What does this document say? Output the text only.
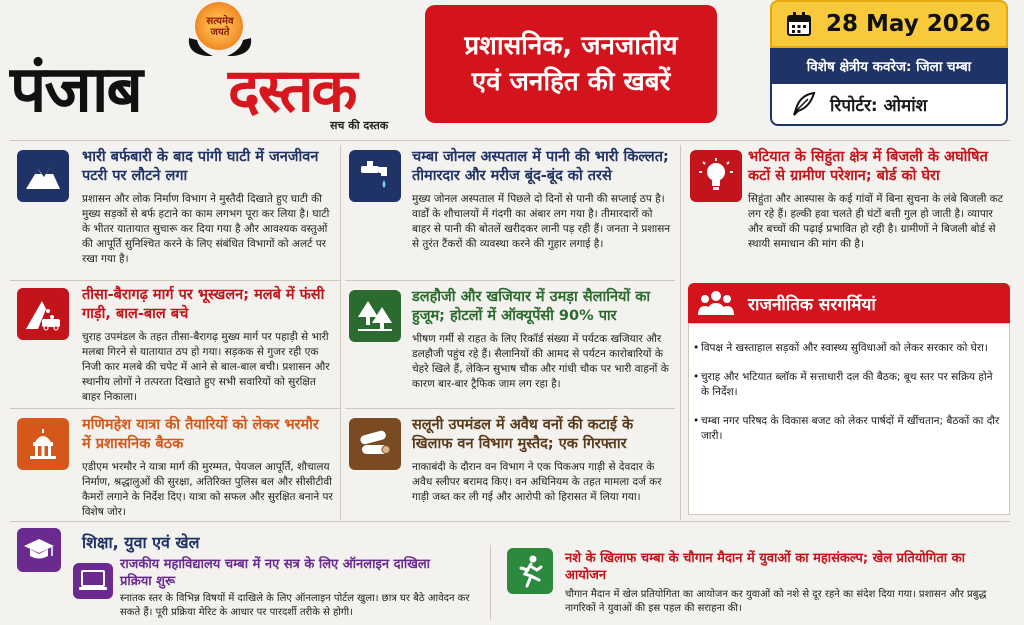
सत्यमेव
जयते
पंजाब दस्तक
सच की दस्तक
प्रशासनिक, जनजातीय
एवं जनहित की खबरें
28 May 2026
विशेष क्षेत्रीय कवरेज: जिला चम्बा
रिपोर्टर: ओमांश
भारी बर्फबारी के बाद पांगी घाटी में जनजीवन पटरी पर लौटने लगा
प्रशासन और लोक निर्माण विभाग ने मुस्तैदी दिखाते हुए घाटी की मुख्य सड़कों से बर्फ हटाने का काम लगभग पूरा कर लिया है। घाटी के भीतर यातायात सुचारू कर दिया गया है और आवश्यक वस्तुओं की आपूर्ति सुनिश्चित करने के लिए संबंधित विभागों को अलर्ट पर रखा गया है।
तीसा-बैरागढ़ मार्ग पर भूस्खलन; मलबे में फंसी गाड़ी, बाल-बाल बचे
चुराह उपमंडल के तहत तीसा-बैरागढ़ मुख्य मार्ग पर पहाड़ी से भारी मलबा गिरने से यातायात ठप हो गया। सड़कक से गुजर रही एक निजी कार मलबे की चपेट में आने से बाल-बाल बची। प्रशासन और स्थानीय लोगों ने तत्परता दिखाते हुए सभी सवारियों को सुरक्षित बाहर निकाला।
मणिमहेश यात्रा की तैयारियों को लेकर भरमौर में प्रशासनिक बैठक
एडीएम भरमौर ने यात्रा मार्ग की मुरम्मत, पेयजल आपूर्ति, शौचालय निर्माण, श्रद्धालुओं की सुरक्षा, अतिरिक्त पुलिस बल और सीसीटीवी कैमरों लगाने के निर्देश दिए। यात्रा को सफल और सुरक्षित बनाने पर विशेष जोर।
चम्बा जोनल अस्पताल में पानी की भारी किल्लत; तीमारदार और मरीज बूंद-बूंद को तरसे
मुख्य जोनल अस्पताल में पिछले दो दिनों से पानी की सप्लाई ठप है। वार्डों के शौचालयों में गंदगी का अंबार लग गया है। तीमारदारों को बाहर से पानी की बोतलें खरीदकर लानी पड़ रही हैं। जनता ने प्रशासन से तुरंत टैंकरों की व्यवस्था करने की गुहार लगाई है।
डलहौजी और खजियार में उमड़ा सैलानियों का हुजूम; होटलों में ऑक्यूपेंसी 90% पार
भीषण गर्मी से राहत के लिए रिकॉर्ड संख्या में पर्यटक खजियार और डलहौजी पहुंच रहे हैं। सैलानियों की आमद से पर्यटन कारोबारियों के चेहरे खिले हैं, लेकिन सुभाष चौक और गांधी चौक पर भारी वाहनों के कारण बार-बार ट्रैफिक जाम लग रहा है।
सलूनी उपमंडल में अवैध वनों की कटाई के खिलाफ वन विभाग मुस्तैद; एक गिरफ्तार
नाकाबंदी के दौरान वन विभाग ने एक पिकअप गाड़ी से देवदार के अवैध स्लीपर बरामद किए। वन अधिनियम के तहत मामला दर्ज कर गाड़ी जब्त कर ली गई और आरोपी को हिरासत में लिया गया।
भटियात के सिहुंता क्षेत्र में बिजली के अघोषित कटों से ग्रामीण परेशान; बोर्ड को घेरा
सिहुंता और आस्पास के कई गांवों में बिना सुचना के लंबे बिजली कट लग रहे हैं। हल्की हवा चलते ही घंटों बत्ती गुल हो जाती है। व्यापार और बच्चों की पढ़ाई प्रभावित हो रही है। ग्रामीणों ने बिजली बोर्ड से स्थायी समाधान की मांग की है।
राजनीतिक सरगर्मियां
• विपक्ष ने खस्ताहाल सड़कों और स्वास्थ्य सुविधाओं को लेकर सरकार को घेरा।
• चुराह और भटियात ब्लॉक में सत्ताधारी दल की बैठक; बूथ स्तर पर सक्रिय होने के निर्देश।
• चम्बा नगर परिषद के विकास बजट को लेकर पार्षदों में खींचतान; बैठकों का दौर जारी।
शिक्षा, युवा एवं खेल
राजकीय महाविद्यालय चम्बा में नए सत्र के लिए ऑनलाइन दाखिला प्रक्रिया शुरू
स्नातक स्तर के विभिन्न विषयों में दाखिले के लिए ऑनलाइन पोर्टल खुला। छात्र घर बैठे आवेदन कर सकते हैं। पूरी प्रक्रिया मेरिट के आधार पर पारदर्शी तरीके से होगी।
नशे के खिलाफ चम्बा के चौगान मैदान में युवाओं का महासंकल्प; खेल प्रतियोगिता का आयोजन
चौगान मैदान में खेल प्रतियोगिता का आयोजन कर युवाओं को नशे से दूर रहने का संदेश दिया गया। प्रशासन और प्रबुद्ध नागरिकों ने युवाओं की इस पहल की सराहना की।
